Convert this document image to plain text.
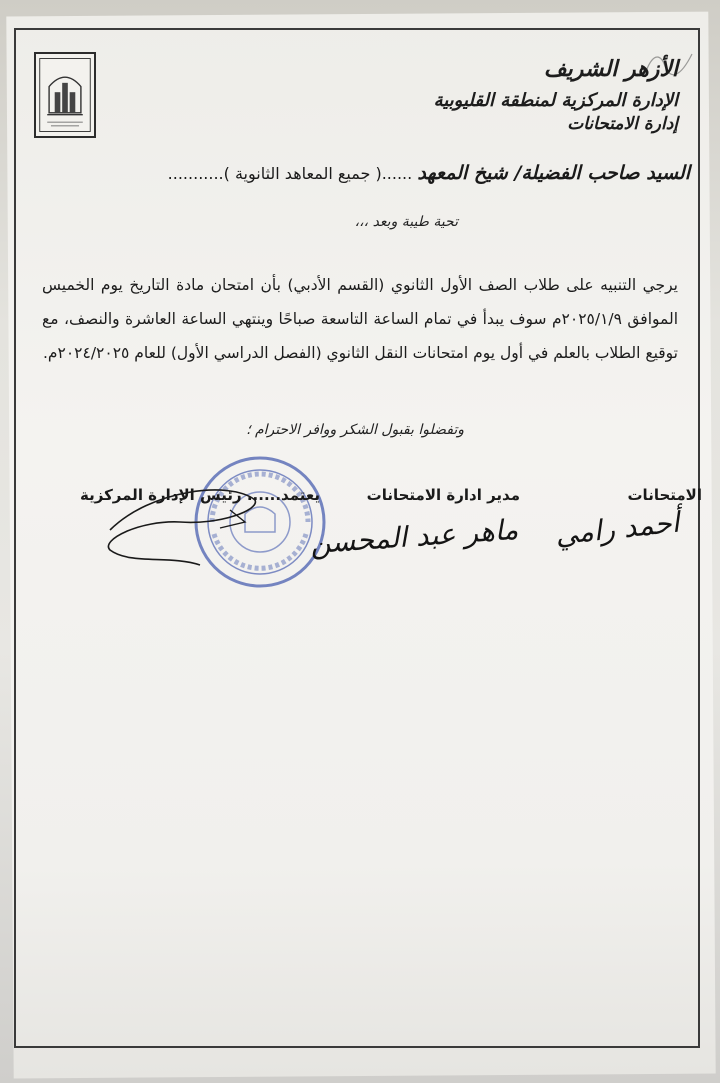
الأزهر الشريف
الإدارة المركزية لمنطقة القليوبية
إدارة الامتحانات
السيد صاحب الفضيلة/ شيخ المعهد ......( جميع المعاهد الثانوية )...........
تحية طيبة وبعد ،،،
يرجي التنبيه على طلاب الصف الأول الثانوي (القسم الأدبي) بأن امتحان مادة التاريخ يوم الخميس الموافق ٢٠٢٥/١/٩م سوف يبدأ في تمام الساعة التاسعة صباحًا وينتهي الساعة العاشرة والنصف، مع توقيع الطلاب بالعلم في أول يوم امتحانات النقل الثانوي (الفصل الدراسي الأول) للعام ٢٠٢٤/٢٠٢٥م.
وتفضلوا بقبول الشكر ووافر الاحترام ؛
الامتحانات
مدير ادارة الامتحانات
يعتمد...... رئيس الإدارة المركزية
أحمد رامي
ماهر عبد المحسن
